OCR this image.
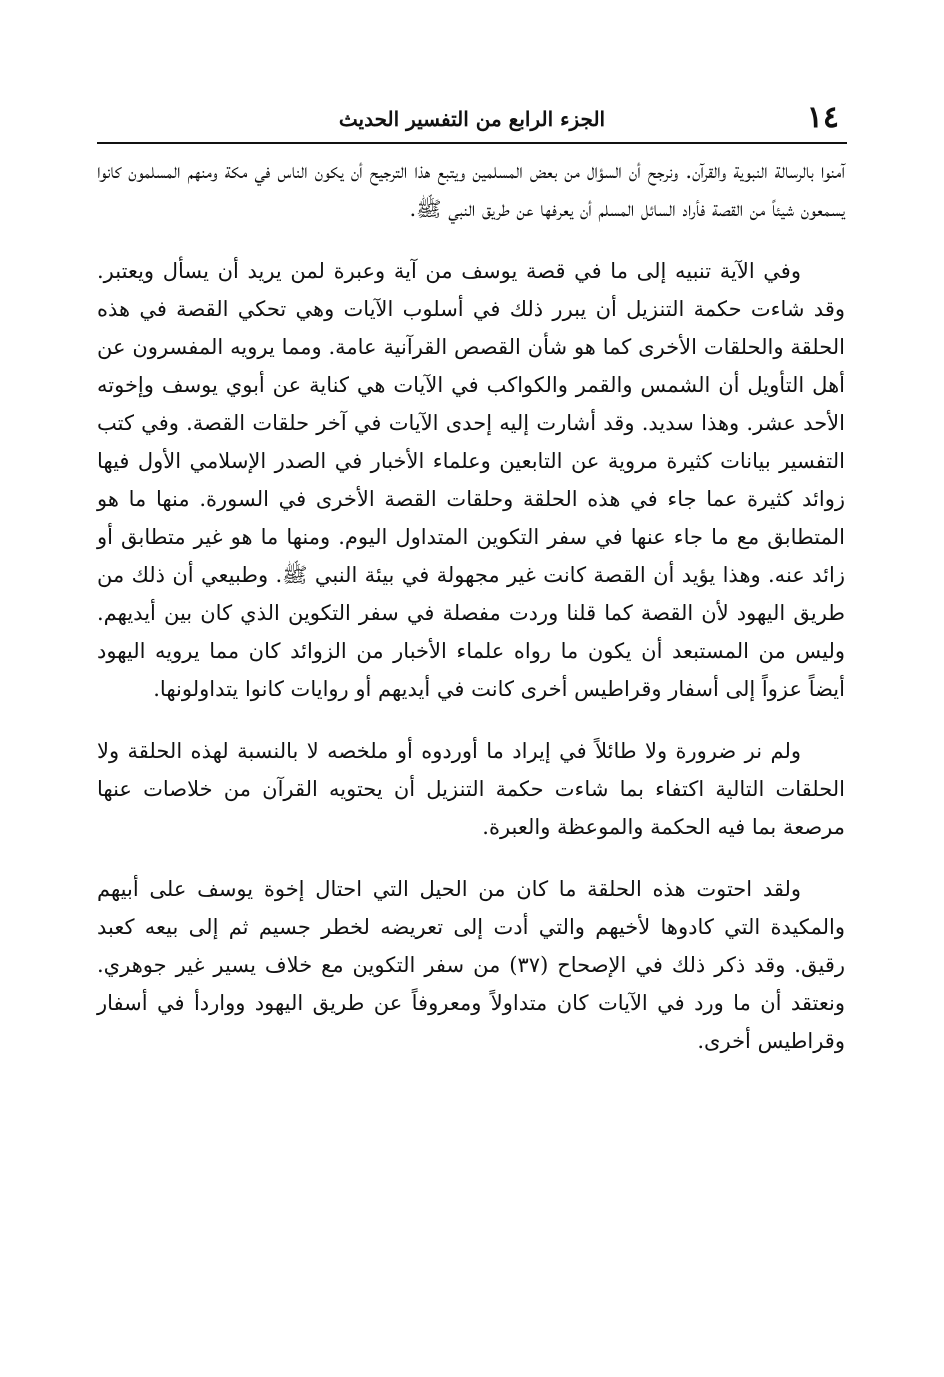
١٤
الجزء الرابع من التفسير الحديث

آمنوا بالرسالة النبوية والقرآن. ونرجح أن السؤال من بعض المسلمين ويتبع هذا الترجيح أن يكون الناس في مكة ومنهم المسلمون كانوا يسمعون شيئاً من القصة فأراد السائل المسلم أن يعرفها عن طريق النبي ﷺ.

وفي الآية تنبيه إلى ما في قصة يوسف من آية وعبرة لمن يريد أن يسأل ويعتبر. وقد شاءت حكمة التنزيل أن يبرر ذلك في أسلوب الآيات وهي تحكي القصة في هذه الحلقة والحلقات الأخرى كما هو شأن القصص القرآنية عامة. ومما يرويه المفسرون عن أهل التأويل أن الشمس والقمر والكواكب في الآيات هي كناية عن أبوي يوسف وإخوته الأحد عشر. وهذا سديد. وقد أشارت إليه إحدى الآيات في آخر حلقات القصة. وفي كتب التفسير بيانات كثيرة مروية عن التابعين وعلماء الأخبار في الصدر الإسلامي الأول فيها زوائد كثيرة عما جاء في هذه الحلقة وحلقات القصة الأخرى في السورة. منها ما هو المتطابق مع ما جاء عنها في سفر التكوين المتداول اليوم. ومنها ما هو غير متطابق أو زائد عنه. وهذا يؤيد أن القصة كانت غير مجهولة في بيئة النبي ﷺ. وطبيعي أن ذلك من طريق اليهود لأن القصة كما قلنا وردت مفصلة في سفر التكوين الذي كان بين أيديهم. وليس من المستبعد أن يكون ما رواه علماء الأخبار من الزوائد كان مما يرويه اليهود أيضاً عزواً إلى أسفار وقراطيس أخرى كانت في أيديهم أو روايات كانوا يتداولونها.

ولم نر ضرورة ولا طائلاً في إيراد ما أوردوه أو ملخصه لا بالنسبة لهذه الحلقة ولا الحلقات التالية اكتفاء بما شاءت حكمة التنزيل أن يحتويه القرآن من خلاصات عنها مرصعة بما فيه الحكمة والموعظة والعبرة.

ولقد احتوت هذه الحلقة ما كان من الحيل التي احتال إخوة يوسف على أبيهم والمكيدة التي كادوها لأخيهم والتي أدت إلى تعريضه لخطر جسيم ثم إلى بيعه كعبد رقيق. وقد ذكر ذلك في الإصحاح (٣٧) من سفر التكوين مع خلاف يسير غير جوهري. ونعتقد أن ما ورد في الآيات كان متداولاً ومعروفاً عن طريق اليهود وواردأ في أسفار وقراطيس أخرى.
